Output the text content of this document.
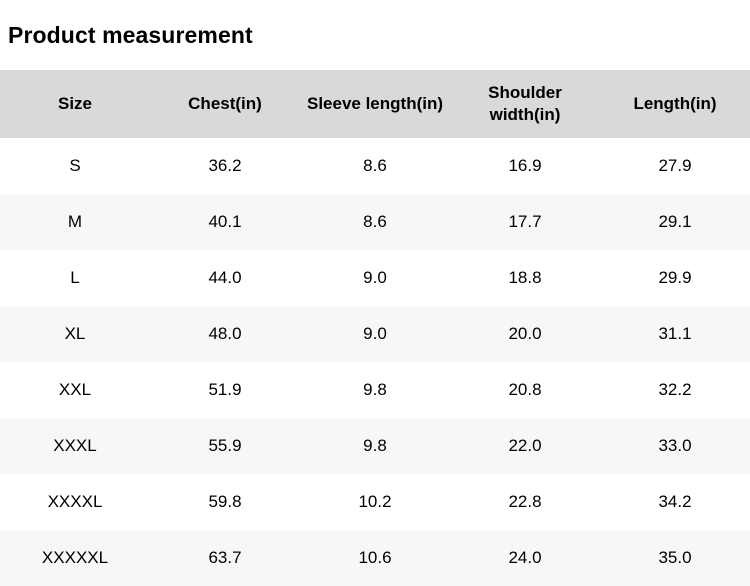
Product measurement
Size	Chest(in)	Sleeve length(in)	Shoulder width(in)	Length(in)
S	36.2	8.6	16.9	27.9
M	40.1	8.6	17.7	29.1
L	44.0	9.0	18.8	29.9
XL	48.0	9.0	20.0	31.1
XXL	51.9	9.8	20.8	32.2
XXXL	55.9	9.8	22.0	33.0
XXXXL	59.8	10.2	22.8	34.2
XXXXXL	63.7	10.6	24.0	35.0
